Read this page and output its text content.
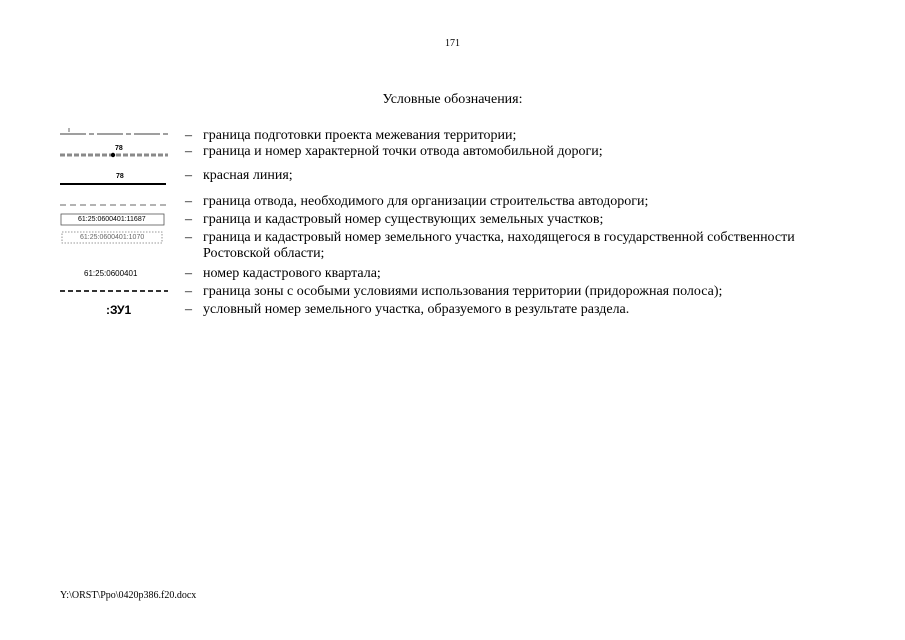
171
Условные обозначения:
– граница подготовки проекта межевания территории;
78	– граница и номер характерной точки отвода автомобильной дороги;
78	– красная линия;
– граница отвода, необходимого для организации строительства автодороги;
61:25:0600401:11687	– граница и кадастровый номер существующих земельных участков;
61:25:0600401:1070	– граница и кадастровый номер земельного участка, находящегося в государственной собственности Ростовской области;
61:25:0600401	– номер кадастрового квартала;
– граница зоны с особыми условиями использования территории (придорожная полоса);
:ЗУ1	– условный номер земельного участка, образуемого в результате раздела.
Y:\ORST\Ppo\0420p386.f20.docx
